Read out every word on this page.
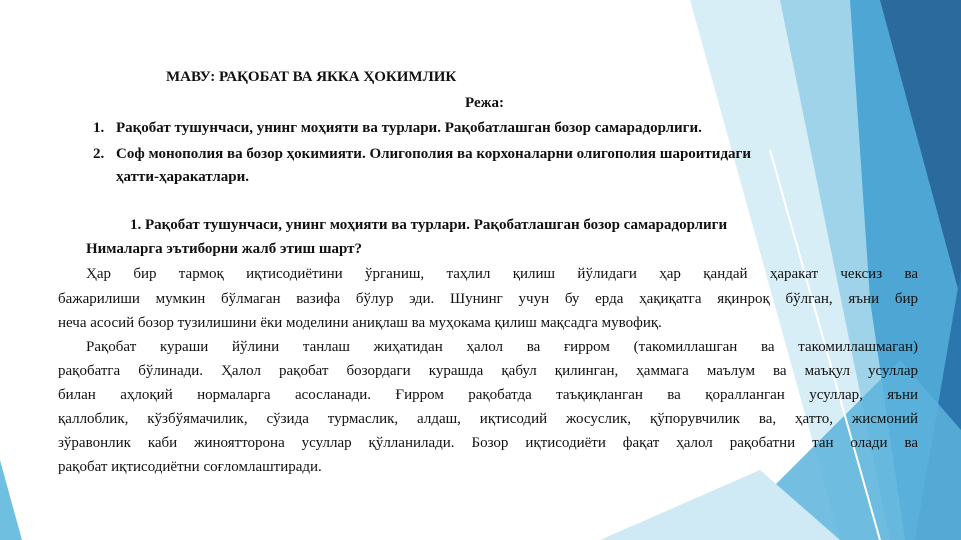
МАВУ: РАҚОБАТ ВА ЯККА ҲОКИМЛИК
Режа:
1. Рақобат тушунчаси, унинг моҳияти ва турлари. Рақобатлашган бозор самарадорлиги.
2. Соф монополия ва бозор ҳокимияти. Олигополия ва корхоналарни олигополия шароитидаги
ҳатти-ҳаракатлари.
1. Рақобат тушунчаси, унинг моҳияти ва турлари. Рақобатлашган бозор самарадорлиги
Нималарга эътиборни жалб этиш шарт?
Ҳар бир тармоқ иқтисодиётини ўрганиш, таҳлил қилиш йўлидаги ҳар қандай ҳаракат чексиз ва
бажарилиши мумкин бўлмаган вазифа бўлур эди. Шунинг учун бу ерда ҳақиқатга яқинроқ бўлган, яъни бир
неча асосий бозор тузилишини ёки моделини аниқлаш ва муҳокама қилиш мақсадга мувофиқ.
Рақобат кураши йўлини танлаш жиҳатидан ҳалол ва ғирром (такомиллашган ва такомиллашмаган)
рақобатга бўлинади. Ҳалол рақобат бозордаги курашда қабул қилинган, ҳаммага маълум ва маъқул усуллар
билан аҳлоқий нормаларга асосланади. Ғирром рақобатда таъқиқланган ва қоралланган усуллар, яъни
қаллоблик, кўзбўямачилик, сўзида турмаслик, алдаш, иқтисодий жосуслик, қўпорувчилик ва, ҳатто, жисмоний
зўравонлик каби жиноятторона усуллар қўлланилади. Бозор иқтисодиёти фақат ҳалол рақобатни тан олади ва
рақобат иқтисодиётни соғломлаштиради.
